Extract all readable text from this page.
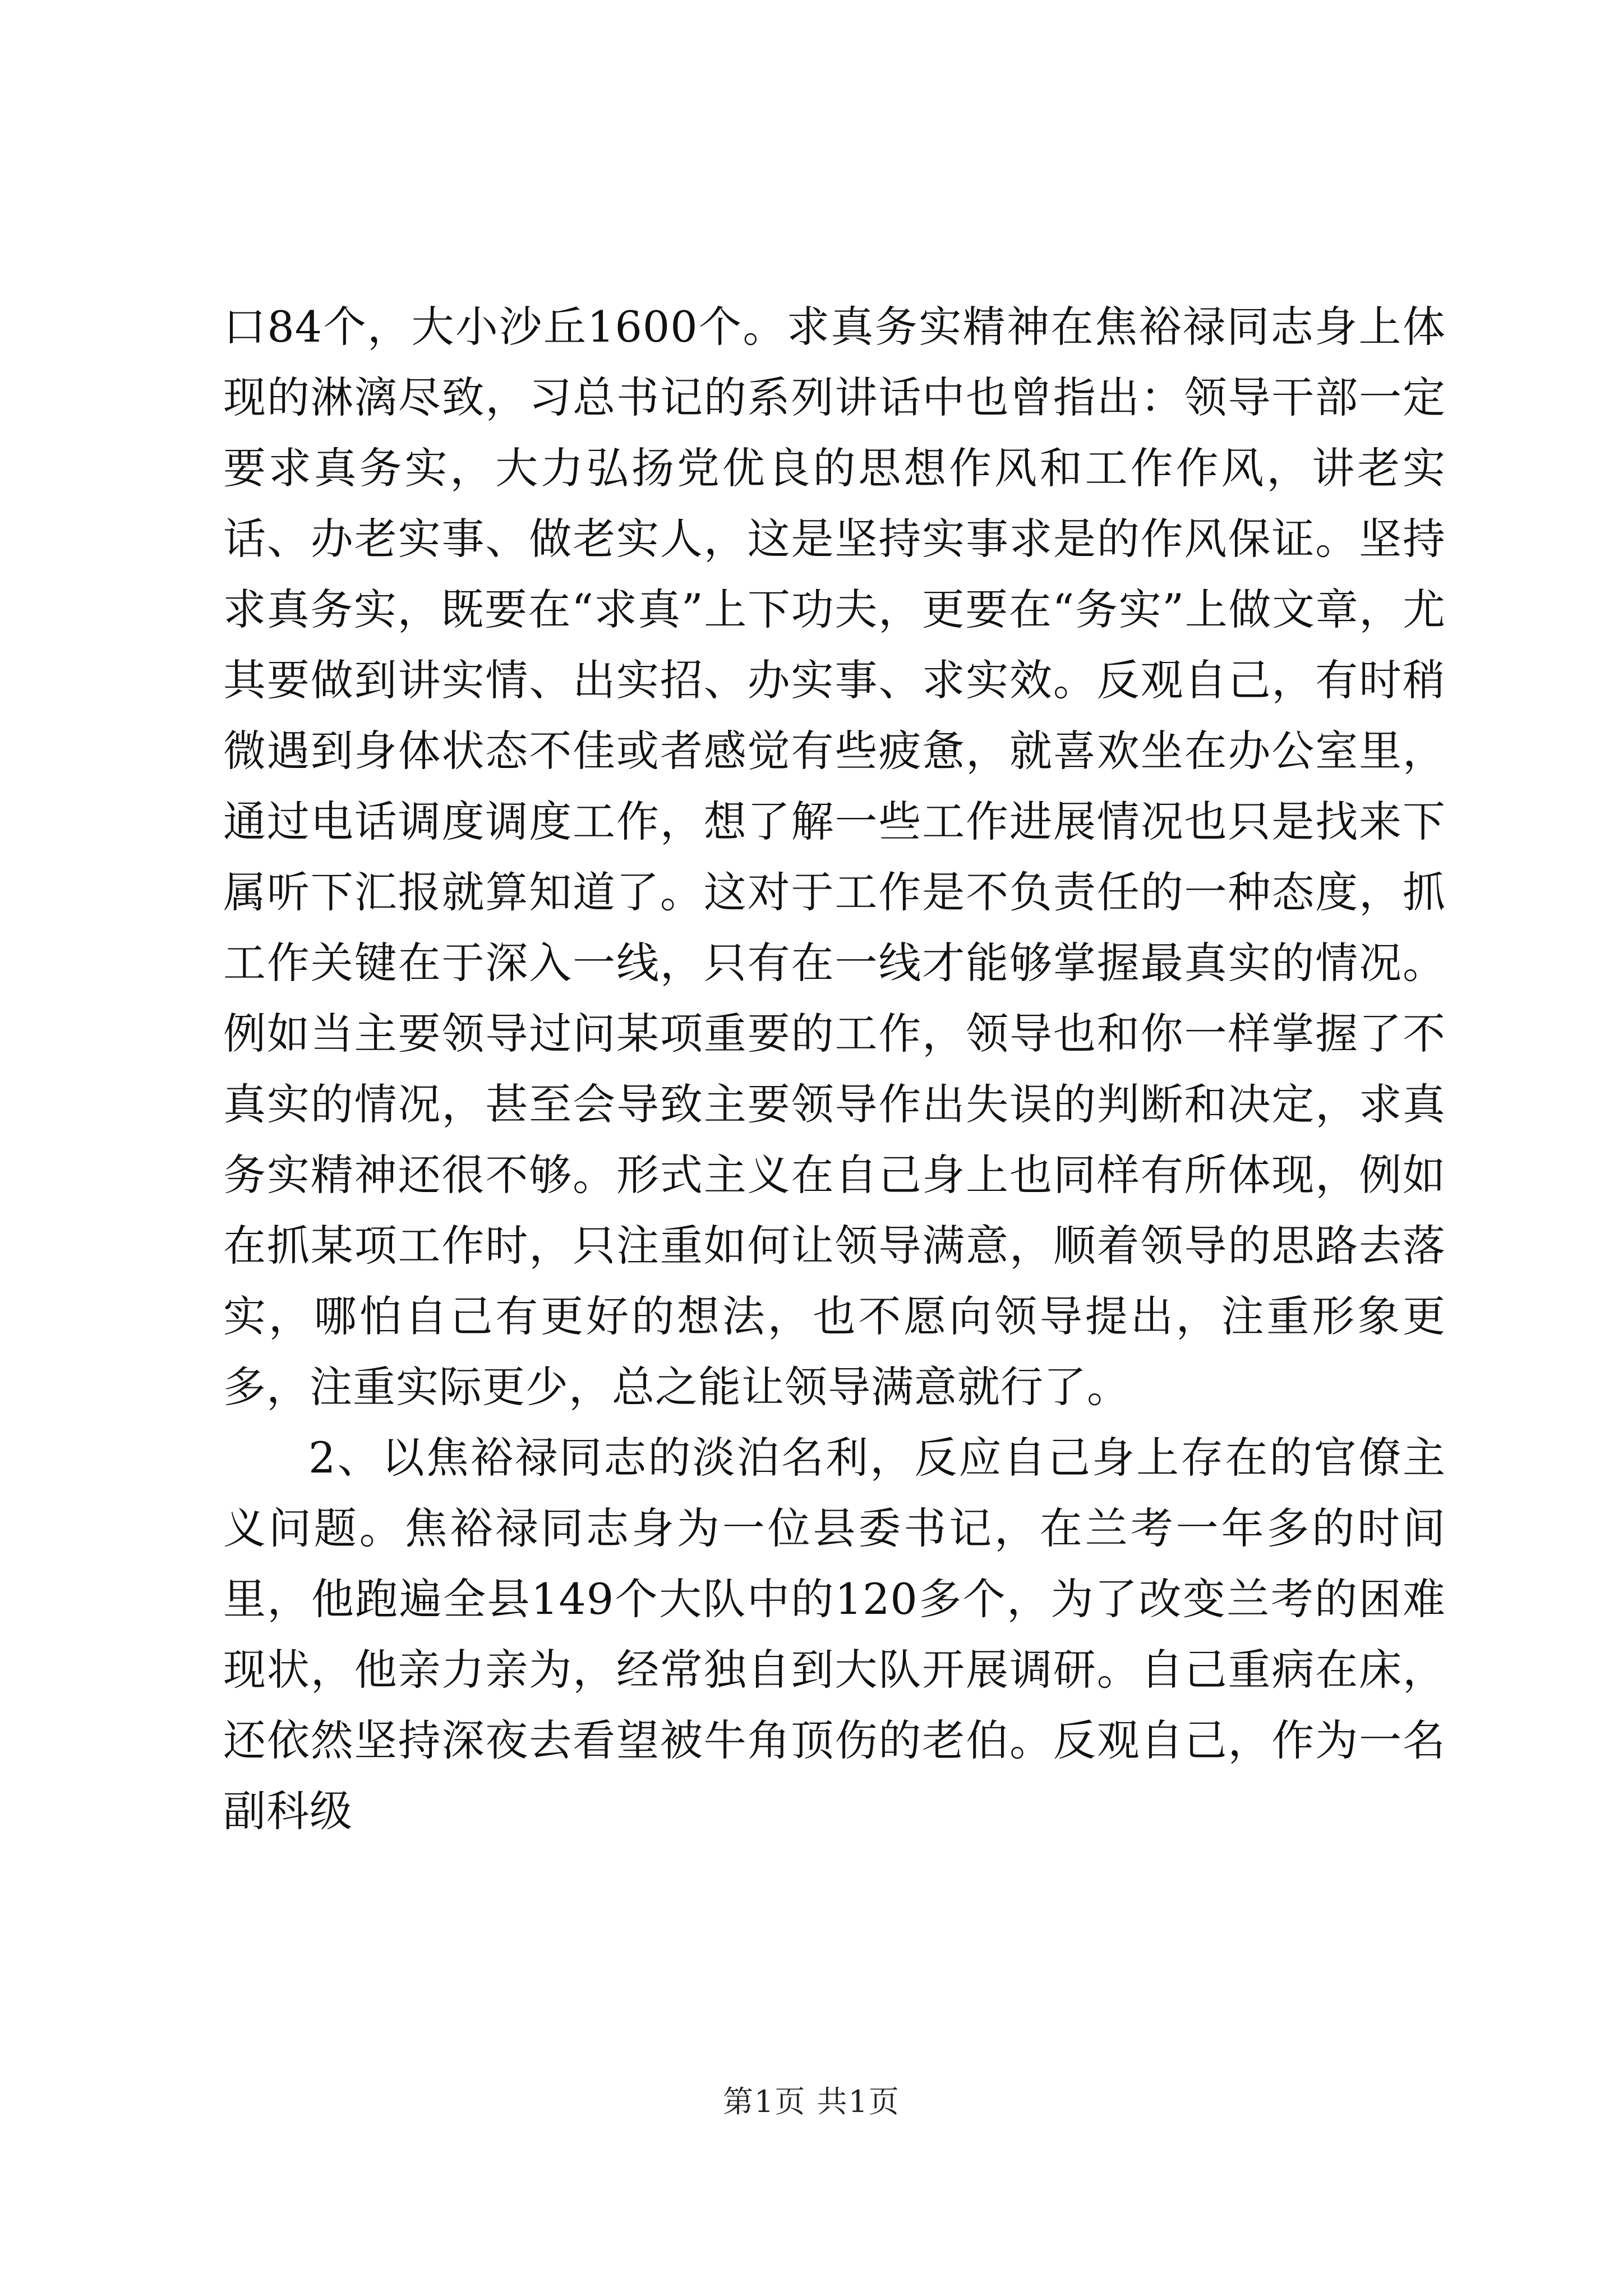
口84个，大小沙丘1600个。求真务实精神在焦裕禄同志身上体现的淋漓尽致，习总书记的系列讲话中也曾指出：领导干部一定要求真务实，大力弘扬党优良的思想作风和工作作风，讲老实话、办老实事、做老实人，这是坚持实事求是的作风保证。坚持求真务实，既要在“求真”上下功夫，更要在“务实”上做文章，尤其要做到讲实情、出实招、办实事、求实效。反观自己，有时稍微遇到身体状态不佳或者感觉有些疲惫，就喜欢坐在办公室里，通过电话调度调度工作，想了解一些工作进展情况也只是找来下属听下汇报就算知道了。这对于工作是不负责任的一种态度，抓工作关键在于深入一线，只有在一线才能够掌握最真实的情况。例如当主要领导过问某项重要的工作，领导也和你一样掌握了不真实的情况，甚至会导致主要领导作出失误的判断和决定，求真务实精神还很不够。形式主义在自己身上也同样有所体现，例如在抓某项工作时，只注重如何让领导满意，顺着领导的思路去落实，哪怕自己有更好的想法，也不愿向领导提出，注重形象更多，注重实际更少，总之能让领导满意就行了。

2、以焦裕禄同志的淡泊名利，反应自己身上存在的官僚主义问题。焦裕禄同志身为一位县委书记，在兰考一年多的时间里，他跑遍全县149个大队中的120多个，为了改变兰考的困难现状，他亲力亲为，经常独自到大队开展调研。自己重病在床，还依然坚持深夜去看望被牛角顶伤的老伯。反观自己，作为一名副科级

第1页 共1页
